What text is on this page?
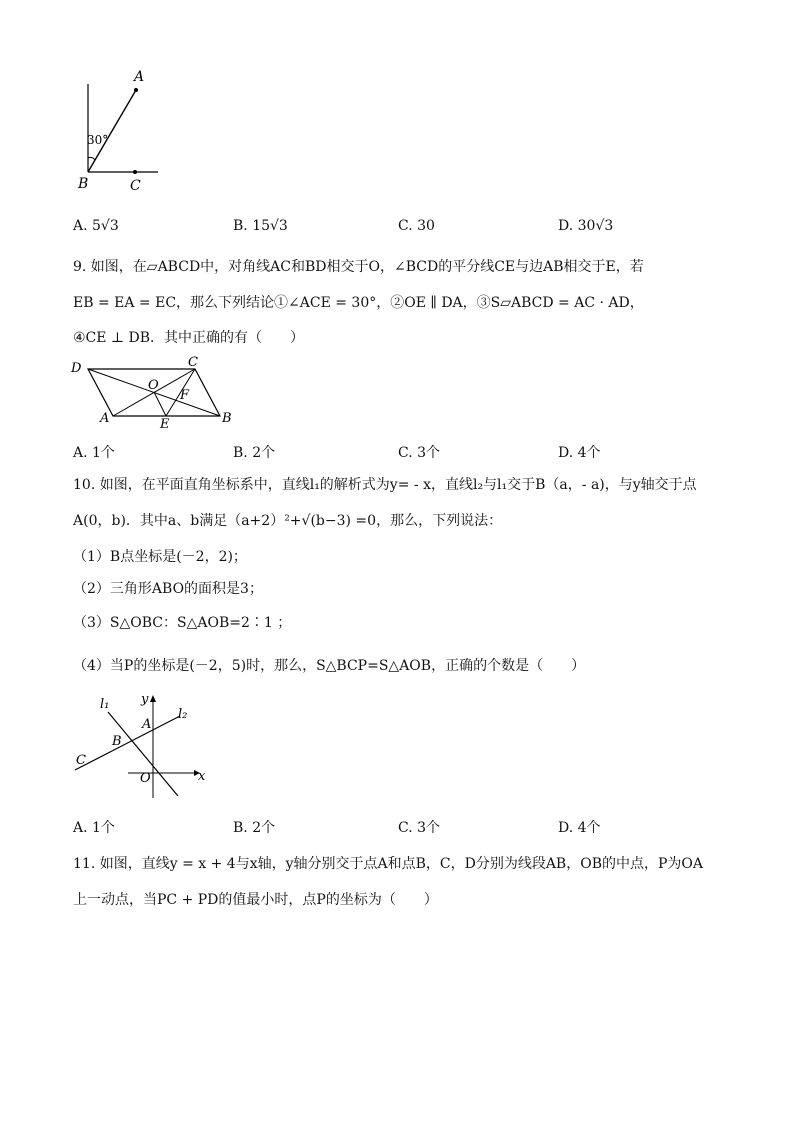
A
B	C
30°
A. 5√3	B. 15√3	C. 30	D. 30√3
9. 如图，在▱ABCD中，对角线AC和BD相交于O，∠BCD的平分线CE与边AB相交于E，若
EB = EA = EC，那么下列结论①∠ACE = 30°，②OE ∥ DA，③S▱ABCD = AC · AD，
④CE ⊥ DB．其中正确的有（　　）
D	C
O
F
A	E	B
A. 1个	B. 2个	C. 3个	D. 4个
10. 如图，在平面直角坐标系中，直线l₁的解析式为y= - x，直线l₂与l₁交于B（a，- a)，与y轴交于点
A(0，b)．其中a、b满足（a+2）²+√(b−3) =0，那么，下列说法：
（1）B点坐标是(－2，2)；
（2）三角形ABO的面积是3；
（3）S△OBC：S△AOB=2∶1 ；
（4）当P的坐标是(－2，5)时，那么，S△BCP=S△AOB，正确的个数是（　　）
l₁
l₂
y
A
B
C
O	x
A. 1个	B. 2个	C. 3个	D. 4个
11. 如图，直线y = x + 4与x轴，y轴分别交于点A和点B，C，D分别为线段AB，OB的中点，P为OA
上一动点，当PC + PD的值最小时，点P的坐标为（　　）
